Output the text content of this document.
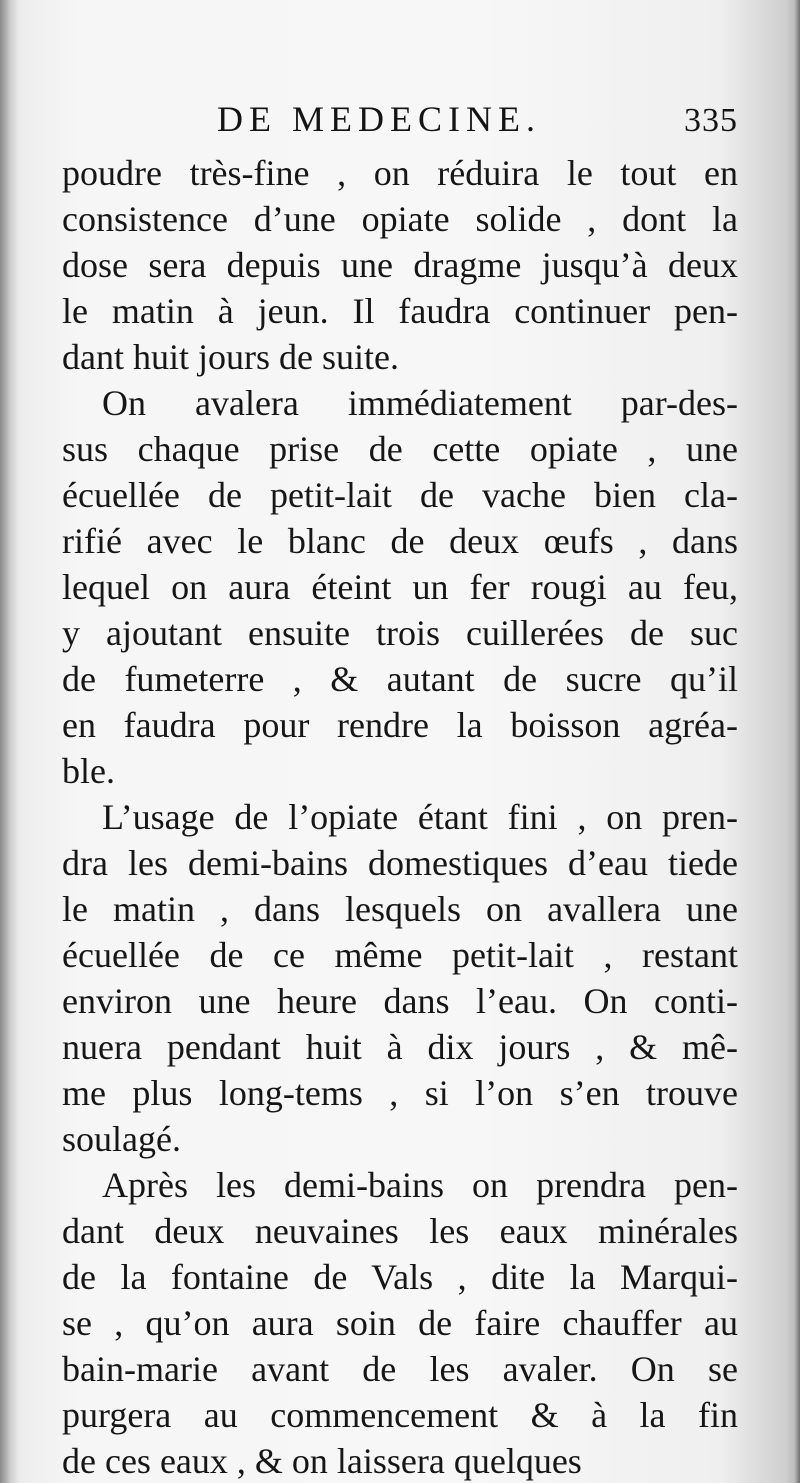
DE MEDECINE.	335
poudre très-fine , on réduira le tout en
consistence d’une opiate solide , dont la
dose sera depuis une dragme jusqu’à deux
le matin à jeun. Il faudra continuer pen-
dant huit jours de suite.
On avalera immédiatement par-des-
sus chaque prise de cette opiate , une
écuellée de petit-lait de vache bien cla-
rifié avec le blanc de deux œufs , dans
lequel on aura éteint un fer rougi au feu,
y ajoutant ensuite trois cuillerées de suc
de fumeterre , & autant de sucre qu’il
en faudra pour rendre la boisson agréa-
ble.
L’usage de l’opiate étant fini , on pren-
dra les demi-bains domestiques d’eau tiede
le matin , dans lesquels on avallera une
écuellée de ce même petit-lait , restant
environ une heure dans l’eau. On conti-
nuera pendant huit à dix jours , & mê-
me plus long-tems , si l’on s’en trouve
soulagé.
Après les demi-bains on prendra pen-
dant deux neuvaines les eaux minérales
de la fontaine de Vals , dite la Marqui-
se , qu’on aura soin de faire chauffer au
bain-marie avant de les avaler. On se
purgera au commencement & à la fin
de ces eaux , & on laissera quelques
